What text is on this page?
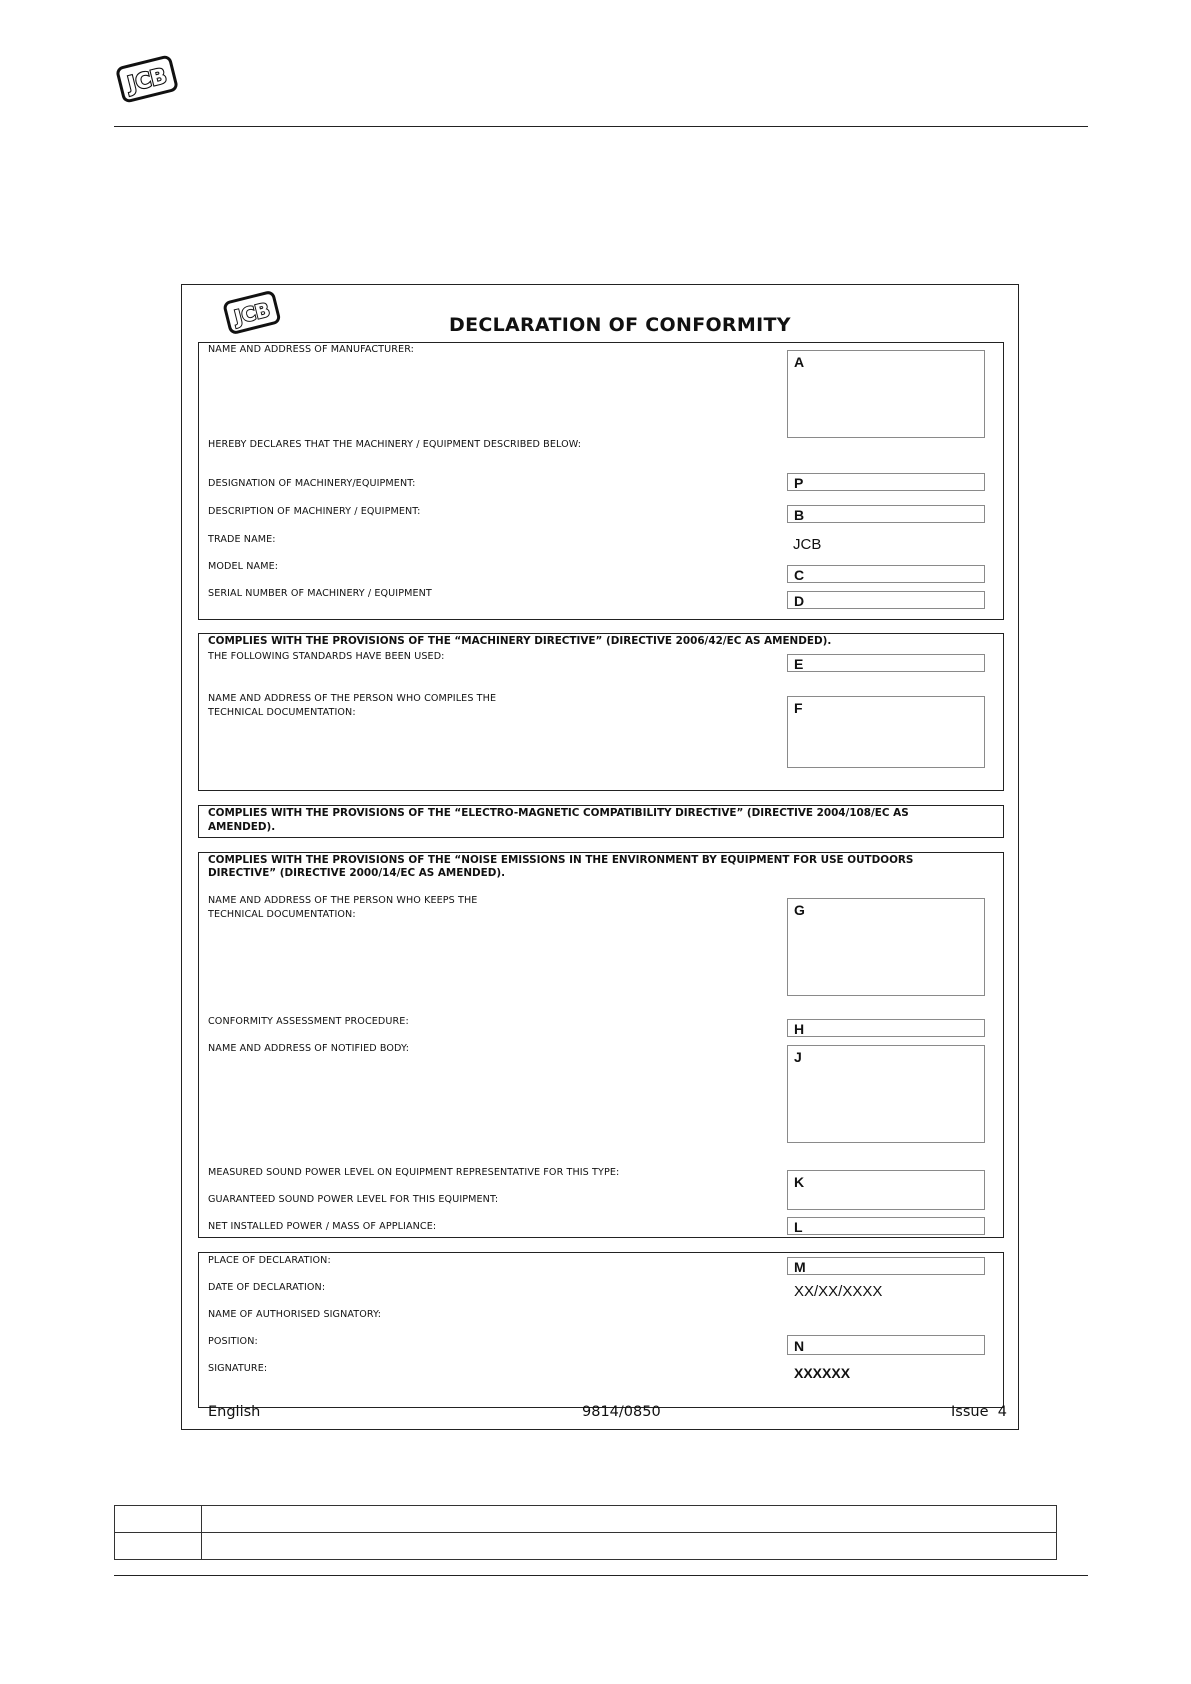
JCB
JCB	DECLARATION OF CONFORMITY
NAME AND ADDRESS OF MANUFACTURER:
A
HEREBY DECLARES THAT THE MACHINERY / EQUIPMENT DESCRIBED BELOW:
DESIGNATION OF MACHINERY/EQUIPMENT:	P
DESCRIPTION OF MACHINERY / EQUIPMENT:	B
TRADE NAME:	JCB
MODEL NAME:
C
SERIAL NUMBER OF MACHINERY / EQUIPMENT	D
COMPLIES WITH THE PROVISIONS OF THE “MACHINERY DIRECTIVE” (DIRECTIVE 2006/42/EC AS AMENDED).
THE FOLLOWING STANDARDS HAVE BEEN USED:	E
NAME AND ADDRESS OF THE PERSON WHO COMPILES THE
TECHNICAL DOCUMENTATION:	F
COMPLIES WITH THE PROVISIONS OF THE “ELECTRO-MAGNETIC COMPATIBILITY DIRECTIVE” (DIRECTIVE 2004/108/EC AS
AMENDED).
COMPLIES WITH THE PROVISIONS OF THE “NOISE EMISSIONS IN THE ENVIRONMENT BY EQUIPMENT FOR USE OUTDOORS
DIRECTIVE” (DIRECTIVE 2000/14/EC AS AMENDED).
NAME AND ADDRESS OF THE PERSON WHO KEEPS THE
TECHNICAL DOCUMENTATION:	G
CONFORMITY ASSESSMENT PROCEDURE:	H
NAME AND ADDRESS OF NOTIFIED BODY:
J
MEASURED SOUND POWER LEVEL ON EQUIPMENT REPRESENTATIVE FOR THIS TYPE:
GUARANTEED SOUND POWER LEVEL FOR THIS EQUIPMENT:
K
NET INSTALLED POWER / MASS OF APPLIANCE:	L
PLACE OF DECLARATION:	M
DATE OF DECLARATION:	XX/XX/XXXX
NAME OF AUTHORISED SIGNATORY:
POSITION:	N
SIGNATURE:	XXXXXX
English	9814/0850	Issue  4
